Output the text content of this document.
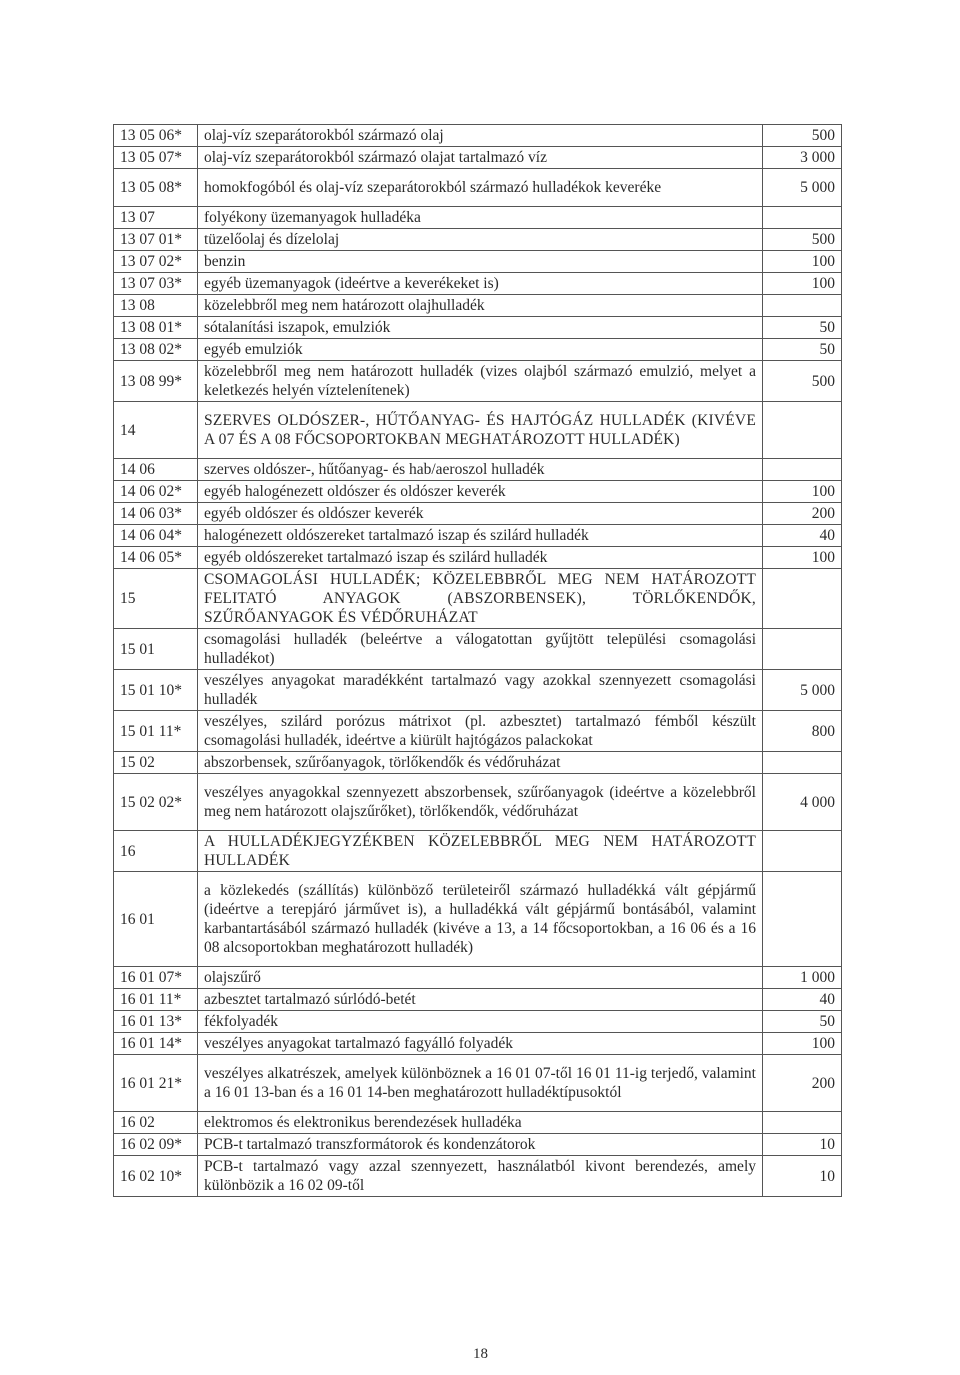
13 05 06*	olaj-víz szeparátorokból származó olaj	500
13 05 07*	olaj-víz szeparátorokból származó olajat tartalmazó víz	3 000
13 05 08*	homokfogóból és olaj-víz szeparátorokból származó hulladékok keveréke	5 000
13 07	folyékony üzemanyagok hulladéka	
13 07 01*	tüzelőolaj és dízelolaj	500
13 07 02*	benzin	100
13 07 03*	egyéb üzemanyagok (ideértve a keverékeket is)	100
13 08	közelebbről meg nem határozott olajhulladék	
13 08 01*	sótalanítási iszapok, emulziók	50
13 08 02*	egyéb emulziók	50
13 08 99*	közelebbről meg nem határozott hulladék (vizes olajból származó emulzió, melyet a keletkezés helyén víztelenítenek)	500
14	SZERVES OLDÓSZER-, HŰTŐANYAG- ÉS HAJTÓGÁZ HULLADÉK (KIVÉVE A 07 ÉS A 08 FŐCSOPORTOKBAN MEGHATÁROZOTT HULLADÉK)	
14 06	szerves oldószer-, hűtőanyag- és hab/aeroszol hulladék	
14 06 02*	egyéb halogénezett oldószer és oldószer keverék	100
14 06 03*	egyéb oldószer és oldószer keverék	200
14 06 04*	halogénezett oldószereket tartalmazó iszap és szilárd hulladék	40
14 06 05*	egyéb oldószereket tartalmazó iszap és szilárd hulladék	100
15	CSOMAGOLÁSI HULLADÉK; KÖZELEBBRŐL MEG NEM HATÁROZOTT FELITATÓ ANYAGOK (ABSZORBENSEK), TÖRLŐKENDŐK, SZŰRŐANYAGOK ÉS VÉDŐRUHÁZAT	
15 01	csomagolási hulladék (beleértve a válogatottan gyűjtött települési csomagolási hulladékot)	
15 01 10*	veszélyes anyagokat maradékként tartalmazó vagy azokkal szennyezett csomagolási hulladék	5 000
15 01 11*	veszélyes, szilárd porózus mátrixot (pl. azbesztet) tartalmazó fémből készült csomagolási hulladék, ideértve a kiürült hajtógázos palackokat	800
15 02	abszorbensek, szűrőanyagok, törlőkendők és védőruházat	
15 02 02*	veszélyes anyagokkal szennyezett abszorbensek, szűrőanyagok (ideértve a közelebbről meg nem határozott olajszűrőket), törlőkendők, védőruházat	4 000
16	A HULLADÉKJEGYZÉKBEN KÖZELEBBRŐL MEG NEM HATÁROZOTT HULLADÉK	
16 01	a közlekedés (szállítás) különböző területeiről származó hulladékká vált gépjármű (ideértve a terepjáró járművet is), a hulladékká vált gépjármű bontásából, valamint karbantartásából származó hulladék (kivéve a 13, a 14 főcsoportokban, a 16 06 és a 16 08 alcsoportokban meghatározott hulladék)	
16 01 07*	olajszűrő	1 000
16 01 11*	azbesztet tartalmazó súrlódó-betét	40
16 01 13*	fékfolyadék	50
16 01 14*	veszélyes anyagokat tartalmazó fagyálló folyadék	100
16 01 21*	veszélyes alkatrészek, amelyek különböznek a 16 01 07-től 16 01 11-ig terjedő, valamint a 16 01 13-ban és a 16 01 14-ben meghatározott hulladéktípusoktól	200
16 02	elektromos és elektronikus berendezések hulladéka	
16 02 09*	PCB-t tartalmazó transzformátorok és kondenzátorok	10
16 02 10*	PCB-t tartalmazó vagy azzal szennyezett, használatból kivont berendezés, amely különbözik a 16 02 09-től	10
18
